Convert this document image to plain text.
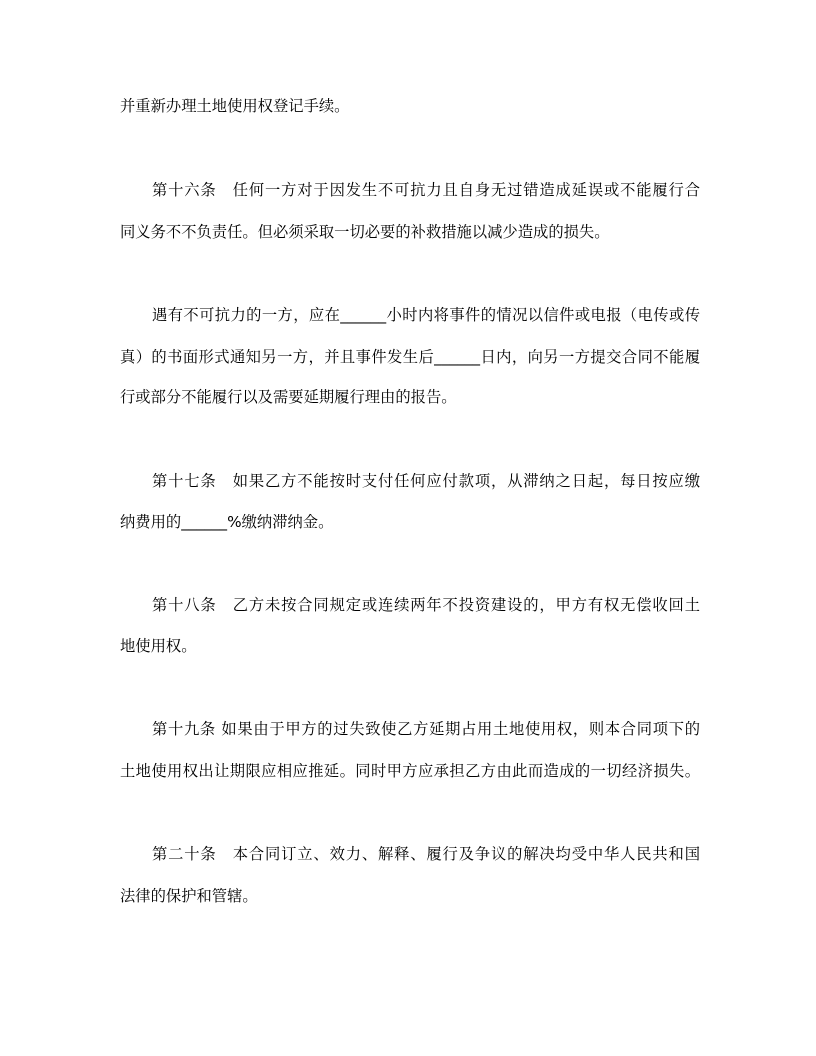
并重新办理土地使用权登记手续。
第十六条　任何一方对于因发生不可抗力且自身无过错造成延误或不能履行合
同义务不不负责任。但必须采取一切必要的补救措施以减少造成的损失。
遇有不可抗力的一方，应在______小时内将事件的情况以信件或电报（电传或传
真）的书面形式通知另一方，并且事件发生后______日内，向另一方提交合同不能履
行或部分不能履行以及需要延期履行理由的报告。
第十七条　如果乙方不能按时支付任何应付款项，从滞纳之日起，每日按应缴
纳费用的______%缴纳滞纳金。
第十八条　乙方未按合同规定或连续两年不投资建设的，甲方有权无偿收回土
地使用权。
第十九条 如果由于甲方的过失致使乙方延期占用土地使用权，则本合同项下的
土地使用权出让期限应相应推延。同时甲方应承担乙方由此而造成的一切经济损失。
第二十条　本合同订立、效力、解释、履行及争议的解决均受中华人民共和国
法律的保护和管辖。
